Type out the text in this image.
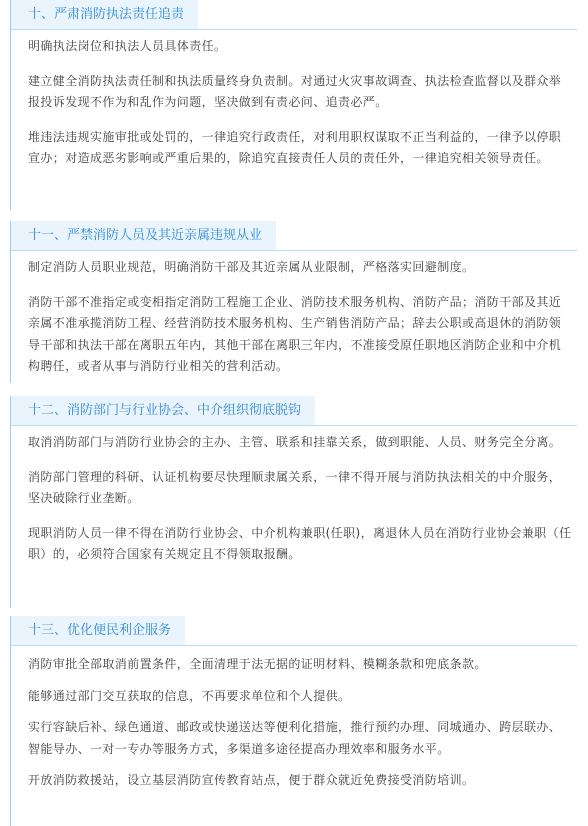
十、严肃消防执法责任追责

明确执法岗位和执法人员具体责任。

建立健全消防执法责任制和执法质量终身负责制。对通过火灾事故调查、执法检查监督以及群众举报投诉发现不作为和乱作为问题，坚决做到有责必问、追责必严。

堆违法违规实施审批或处罚的，一律追究行政责任，对利用职权谋取不正当利益的，一律予以停职宣办；对造成恶劣影响或严重后果的，除追究直接责任人员的责任外，一律追究相关领导责任。

十一、严禁消防人员及其近亲属违规从业

制定消防人员职业规范，明确消防干部及其近亲属从业限制，严格落实回避制度。

消防干部不准指定或变相指定消防工程施工企业、消防技术服务机构、消防产品；消防干部及其近亲属不准承揽消防工程、经营消防技术服务机构、生产销售消防产品；辞去公职或高退休的消防领导干部和执法干部在离职五年内，其他干部在离职三年内，不准接受原任职地区消防企业和中介机构聘任，或者从事与消防行业相关的营利活动。

十二、消防部门与行业协会、中介组织彻底脱钩

取消消防部门与消防行业协会的主办、主管、联系和挂靠关系，做到职能、人员、财务完全分离。

消防部门管理的科研、认证机构要尽快理顺隶属关系，一律不得开展与消防执法相关的中介服务，坚决破除行业垄断。

现职消防人员一律不得在消防行业协会、中介机构兼职(任职)，离退休人员在消防行业协会兼职（任职）的，必须符合国家有关规定且不得领取报酬。

十三、优化便民利企服务

消防审批全部取消前置条件，全面清理于法无据的证明材料、模糊条款和兜底条款。

能够通过部门交互获取的信息，不再要求单位和个人提供。

实行容缺后补、绿色通道、邮政或快递送达等便利化措施，推行预约办理、同城通办、跨层联办、智能导办、一对一专办等服务方式，多渠道多途径提高办理效率和服务水平。

开放消防救援站，设立基层消防宣传教育站点，便于群众就近免费接受消防培训。
